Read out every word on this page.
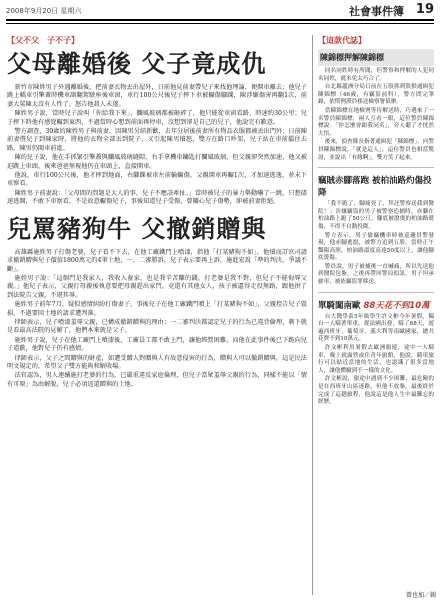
2008年9月20日 星期六	社會事件簿 19
【父不父　子不子】
父母離婚後 父子竟成仇

新竹市陳姓男子外遇離婚後，把前妻衣物丟出屋外，日前他見前妻帶兒子來找他理論，便開車離去；他兒子跳上轎車引擎蓋時機車副翻駕駛座後車窗，車行100公尺後兒子摔下車被輾傷腳踝，陳涉嫌傷害再翻1次，前妻大罵陳太沒有人性了，怒告他殺人未遂。

陳姓男子說，當時兒子說叫「你給我下來」，攔風玻璃都被砸碎了，他只能從車窗看路，時速約30公里；兒子摔下時他有感覺輾到東西，不過當時心想到前面再停車，沒想到卻是自己的兒子，他說完有歉意。

警方調查，39歲的陳姓男子與前妻，因陳男另結新歡，去年分居後前妻所有物品衣服都被丟出門外；日前陳前妻偕兒子到陳家時，將他的衣物全部丟到院子，又引起陳男憤怒，雙方在路口吵架，兒子站在車前擋住去路，陳男仍開車前進。

陳的兒子說，他在手抓緊引擎蓋與攔風玻璃縫隙，右手拿機車鑰匙打攔風玻璃，但父親卻突然加速，他又被迫跳上車頭，後來爸爸無視他仍在車頭上，直接開車。

他說，車行100公尺後，他才摔到地面，右腳踝被車左前輪輾傷，父親開車再輾1次，才加速逃逸，並未下車察看。

陳姓男子前妻說：「父母間的問題是大人的事，兒子不應該牽扯。」當時被兒子的暴力舉動嚇了一跳，只想儘速逃開，不敢下車察看，不是故意輾傷兒子，事後知道兒子受傷，曾關心兒子傷勢，卻被前妻拒絕。

兒罵豬狗牛 父撤銷贈與

高雄縣施姓男子打傷老婆，兒子看不下去，在他工廠鐵門上噴漆，指他「打某豬狗不如」，他憤而訂官司請求撤銷贈與兒子價值1800萬元的4筆土地，一、二審勝訴，兒子表示要再上訴，施進宏說「準的判決，爭議不斷」。

施姓男子說：「這個門是我家人，我收入養家，也是我辛苦賺的錢，打老婆是我不對，但兒子不能侮辱父親。」他兒子表示，父親打母親後執意要把母親趕出家門，竟還有其他女人，孩子被逼得走投無路，跟他拼了到法院告父親，不堪其辱。

施姓男子前年7月，疑似感情糾紛打傷妻子，事後兒子在他工廠鐵門噴上「打某豬狗不如」，父親控告兒子毀損，不過要回土地的請求遭判准。

律師表示，兒子噴漆羞辱父親，已構成撤銷贈與的理由；一二審判決都認定兒子的行為已違背倫理，剩下就是看最高法院的見解了，他們本來就是父子。

施姓男子說，兒子在他工廠門上噴漆後，工廠員工都不敢上門，讓他經營困難，而他在此事件後已下跪向兒子道歉，他對兒子仍有感情。

律師表示，父子之間贈與的財產，如遭受贈人對贈與人有故意侵害的行為，贈與人可以撤銷贈與，這是民法明文規定的，希望父子雙方能夠和解收場。

法官認為，男人連續施打老婆的行為，已嚴重違反家庭倫理，但兒子當眾羞辱父親的行為，同樣不能以「情有可原」為由解脫，兒子必須返還贈與的土地。

【這款代誌】
陳錦標押解陳錦標

同名同姓時有所聞，但警察和押解的人犯同名同姓，就未免太巧合了。

台北縣蘆洲分局日前在五股抓到毀損通緝犯陳錦標（46歲，有竊盜前科），警方問完筆錄，依慣例派員移送檢察署偵辦。

當陳錦標在地檢署等待解送時，巧遇來了一名警員陳錦標，兩人互看一眼，這位警員陳錦標說：「你怎麼會跟我同名」，旁人聽了才恍然大悟。

後來，偵查隊長指著通緝犯「陳錦標」，向警員陳錦標說，「就是這人」，這位警員也相當驚訝，並說出「有緣啊」，雙方笑了起來。

竊賊赤腳落跑 被柏油路灼傷投降

「我不跑了，腳痛死了，拜託警察送我到醫院！」涉嫌竊盜的男子被警察追捕時，赤腳在柏油路上跑了50公尺，腳底被滾燙的柏油路燙傷，不得不自動投降。

警方表示，男子偷竊機車時被巡邏員警發現，他赤腳逃竄，被警方追到五股，當時正午豔陽高照，柏油路溫度高達50度以上，讓他腳底燙傷。

警員說，男子被捕後一直喊痛，所以先送他到醫院包紮，之後再帶回警局偵訊，男子坦承偷車，被依竊盜罪移送。

單騎闖南歐 88天花不到10萬

台大醫學系5年級學生許文彬今年暑假，獨自一人騎著單車，從法國出發，騎了88天，遊遍西班牙、葡萄牙、義大利等南歐國家，總共花費不到10萬元。

許文彬利用暑假去歐洲旅遊，途中一人騎車，晚上就露營或住青年旅館，他說，騎車旅行可以貼近當地的生活，也認識了很多當地人，讓他體驗到不一樣的文化。

許文彬說，旅途中遇到不少困難，最危險的是在西班牙山區迷路，但他不放棄，最後終於完成了這趟旅程，他說這是他人生中最難忘的經歷。

曾也加／輯
